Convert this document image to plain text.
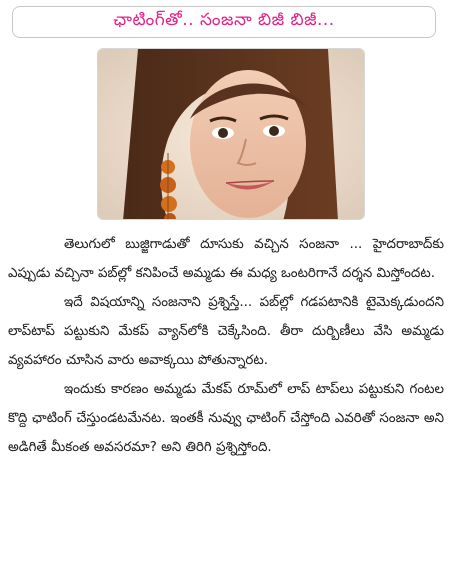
ఛాటింగ్‌తో.. సంజనా బిజీ బిజీ...

తెలుగులో బుజ్జిగాడుతో దూసుకు వచ్చిన సంజనా ... హైదరాబాద్‌కు ఎప్పుడు వచ్చినా పబ్‌ల్లో కనిపించే అమ్మడు ఈ మధ్య ఒంటరిగానే దర్శన మిస్తోందట.

ఇదే విషయాన్ని సంజనాని ప్రశ్నిస్తే... పబ్‌ల్లో గడపటానికి టైమెక్కడుందని లాప్‌టాప్ పట్టుకుని మేకప్ వ్యాన్‌లోకి చెక్కేసింది. తీరా దుర్బిణీలు వేసి అమ్మడు వ్యవహారం చూసిన వారు అవాక్కయి పోతున్నారట.

ఇందుకు కారణం అమ్మడు మేకప్ రూమ్‌లో లాప్ టాప్‌లు పట్టుకుని గంటల కొద్ది ఛాటింగ్ చేస్తుండటమేనట. ఇంతకీ నువ్వు ఛాటింగ్ చేస్తోంది ఎవరితో సంజనా అని అడిగితే మీకంత అవసరమా? అని తిరిగి ప్రశ్నిస్తోంది.
